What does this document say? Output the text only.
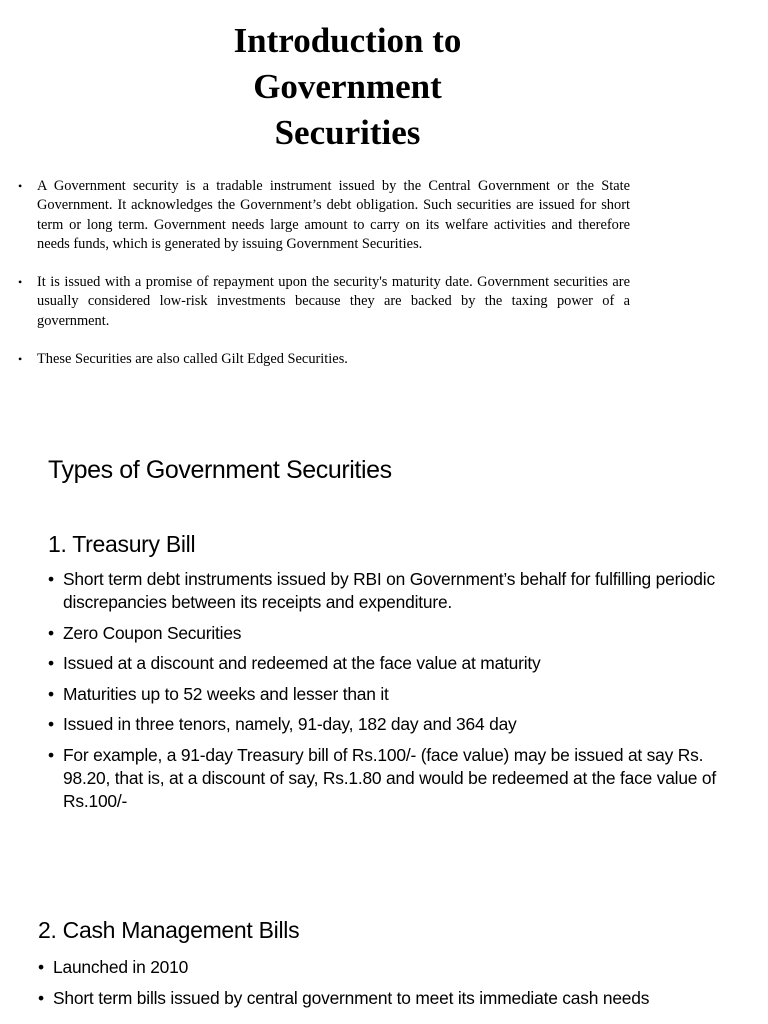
Introduction to
Government
Securities
• A Government security is a tradable instrument issued by the Central Government or the State Government. It acknowledges the Government’s debt obligation. Such securities are issued for short term or long term. Government needs large amount to carry on its welfare activities and therefore needs funds, which is generated by issuing Government Securities.
• It is issued with a promise of repayment upon the security's maturity date. Government securities are usually considered low-risk investments because they are backed by the taxing power of a government.
• These Securities are also called Gilt Edged Securities.
Types of Government Securities
1. Treasury Bill
• Short term debt instruments issued by RBI on Government’s behalf for fulfilling periodic discrepancies between its receipts and expenditure.
• Zero Coupon Securities
• Issued at a discount and redeemed at the face value at maturity
• Maturities up to 52 weeks and lesser than it
• Issued in three tenors, namely, 91-day, 182 day and 364 day
• For example, a 91-day Treasury bill of Rs.100/- (face value) may be issued at say Rs. 98.20, that is, at a discount of say, Rs.1.80 and would be redeemed at the face value of Rs.100/-
2. Cash Management Bills
• Launched in 2010
• Short term bills issued by central government to meet its immediate cash needs
